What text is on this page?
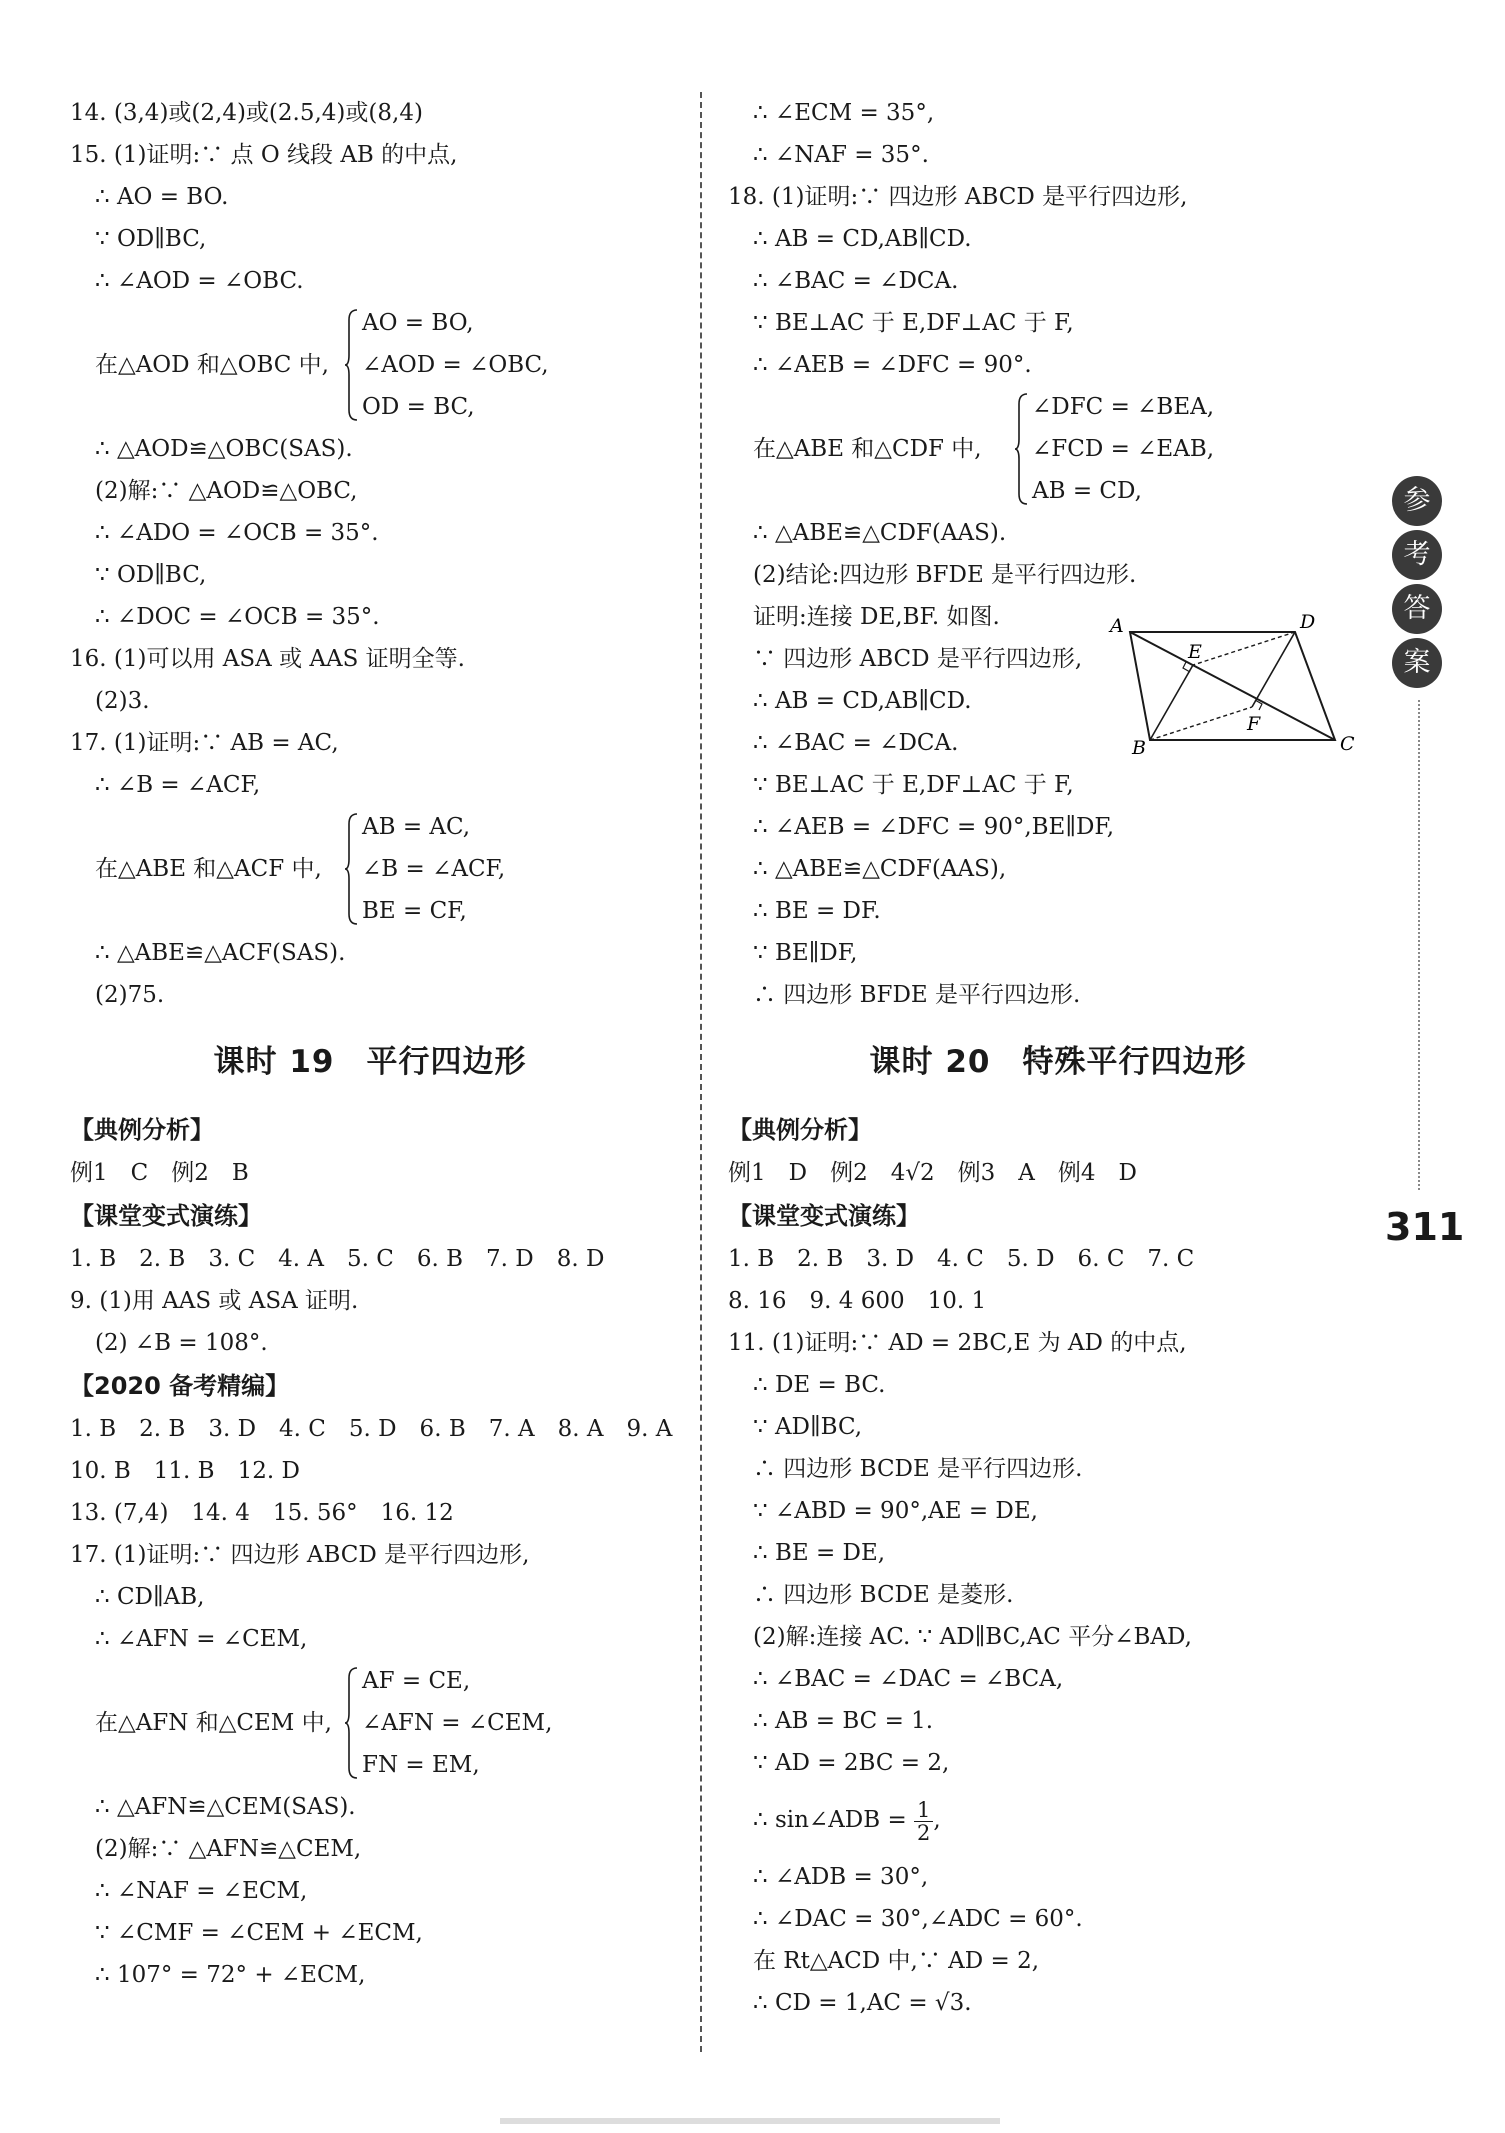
14. (3,4)或(2,4)或(2.5,4)或(8,4)
15. (1)证明:∵ 点 O 线段 AB 的中点,
∴ AO = BO.
∵ OD∥BC,
∴ ∠AOD = ∠OBC.
在△AOD 和△OBC 中,
AO = BO,
∠AOD = ∠OBC,
OD = BC,
∴ △AOD≌△OBC(SAS).
(2)解:∵ △AOD≌△OBC,
∴ ∠ADO = ∠OCB = 35°.
∵ OD∥BC,
∴ ∠DOC = ∠OCB = 35°.
16. (1)可以用 ASA 或 AAS 证明全等.
(2)3.
17. (1)证明:∵ AB = AC,
∴ ∠B = ∠ACF,
在△ABE 和△ACF 中,
AB = AC,
∠B = ∠ACF,
BE = CF,
∴ △ABE≌△ACF(SAS).
(2)75.
课时 19　平行四边形
【典例分析】
例1　C　例2　B
【课堂变式演练】
1. B　2. B　3. C　4. A　5. C　6. B　7. D　8. D
9. (1)用 AAS 或 ASA 证明.
(2) ∠B = 108°.
【2020 备考精编】
1. B　2. B　3. D　4. C　5. D　6. B　7. A　8. A　9. A
10. B　11. B　12. D
13. (7,4)　14. 4　15. 56°　16. 12
17. (1)证明:∵ 四边形 ABCD 是平行四边形,
∴ CD∥AB,
∴ ∠AFN = ∠CEM,
在△AFN 和△CEM 中,
AF = CE,
∠AFN = ∠CEM,
FN = EM,
∴ △AFN≌△CEM(SAS).
(2)解:∵ △AFN≌△CEM,
∴ ∠NAF = ∠ECM,
∵ ∠CMF = ∠CEM + ∠ECM,
∴ 107° = 72° + ∠ECM,
∴ ∠ECM = 35°,
∴ ∠NAF = 35°.
18. (1)证明:∵ 四边形 ABCD 是平行四边形,
∴ AB = CD,AB∥CD.
∴ ∠BAC = ∠DCA.
∵ BE⊥AC 于 E,DF⊥AC 于 F,
∴ ∠AEB = ∠DFC = 90°.
在△ABE 和△CDF 中,
∠DFC = ∠BEA,
∠FCD = ∠EAB,
AB = CD,
∴ △ABE≌△CDF(AAS).
(2)结论:四边形 BFDE 是平行四边形.
证明:连接 DE,BF. 如图.
∵ 四边形 ABCD 是平行四边形,
∴ AB = CD,AB∥CD.
∴ ∠BAC = ∠DCA.
∵ BE⊥AC 于 E,DF⊥AC 于 F,
∴ ∠AEB = ∠DFC = 90°,BE∥DF,
∴ △ABE≌△CDF(AAS),
∴ BE = DF.
∵ BE∥DF,
∴ 四边形 BFDE 是平行四边形.
课时 20　特殊平行四边形
【典例分析】
例1　D　例2　4√2　例3　A　例4　D
【课堂变式演练】
1. B　2. B　3. D　4. C　5. D　6. C　7. C
8. 16　9. 4 600　10. 1
11. (1)证明:∵ AD = 2BC,E 为 AD 的中点,
∴ DE = BC.
∵ AD∥BC,
∴ 四边形 BCDE 是平行四边形.
∵ ∠ABD = 90°,AE = DE,
∴ BE = DE,
∴ 四边形 BCDE 是菱形.
(2)解:连接 AC. ∵ AD∥BC,AC 平分∠BAD,
∴ ∠BAC = ∠DAC = ∠BCA,
∴ AB = BC = 1.
∵ AD = 2BC = 2,
∴ sin∠ADB = $\frac{1}{2}$ ,
∴ ∠ADB = 30°,
∴ ∠DAC = 30°,∠ADC = 60°.
在 Rt△ACD 中,∵ AD = 2,
∴ CD = 1,AC = √3.
A	D
E
F
B	C
参
考
答
案
311
